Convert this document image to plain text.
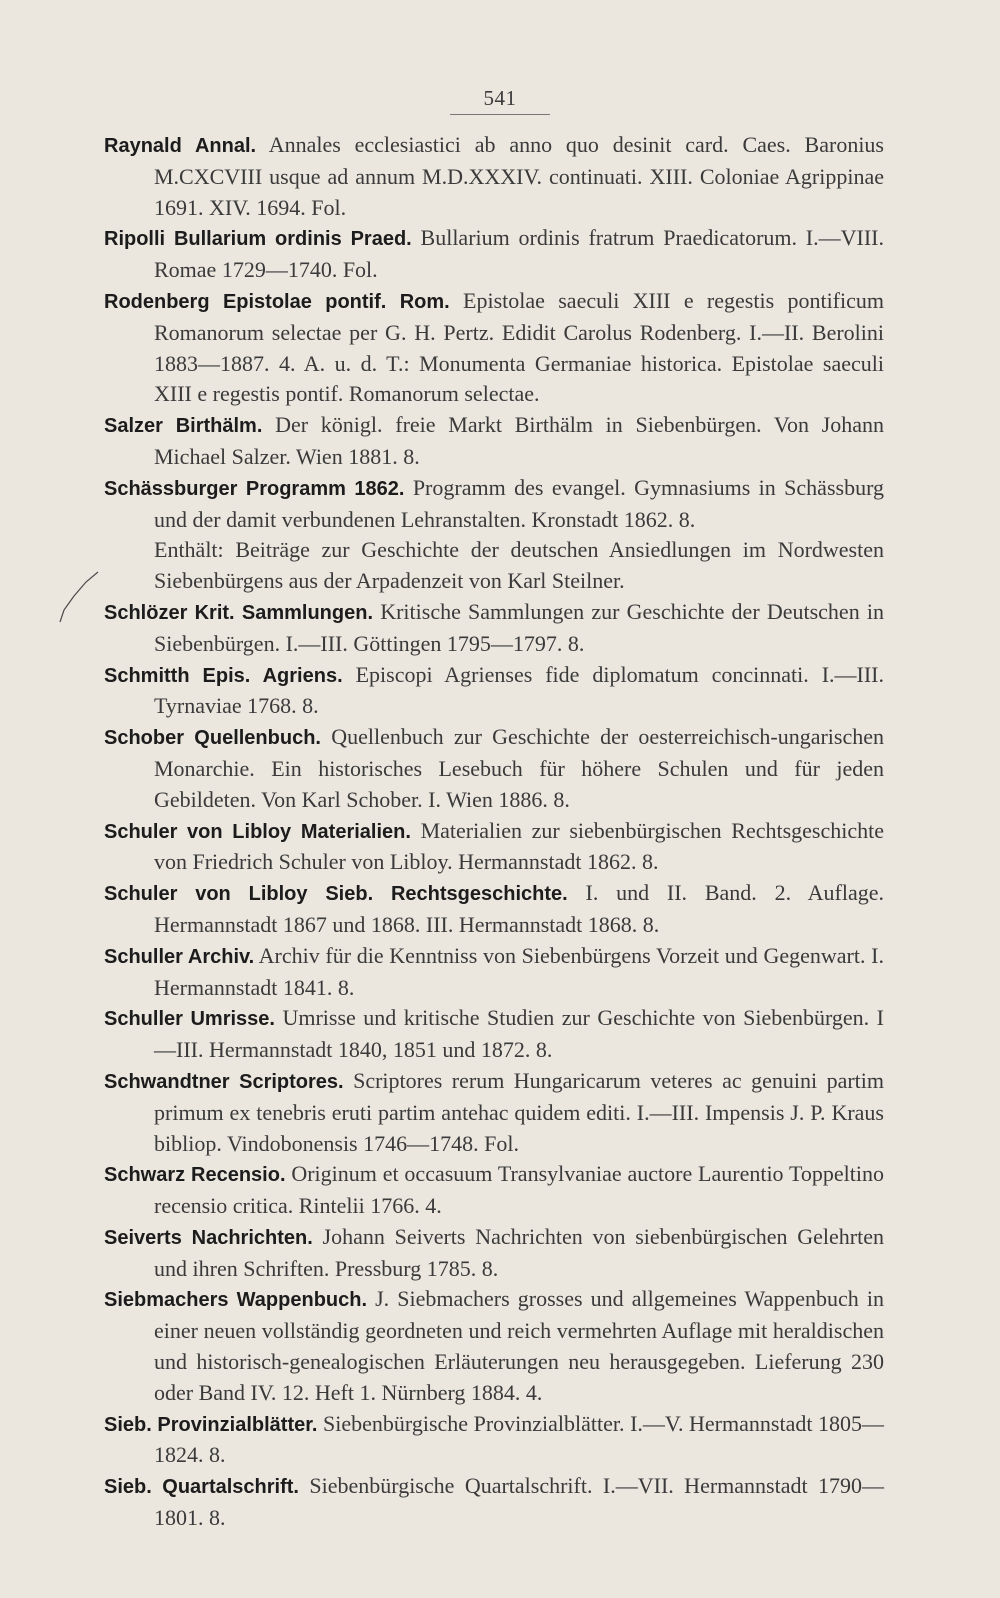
541

Raynald Annal. Annales ecclesiastici ab anno quo desinit card. Caes. Baronius M.CXCVIII usque ad annum M.D.XXXIV. continuati. XIII. Coloniae Agrippinae 1691. XIV. 1694. Fol.

Ripolli Bullarium ordinis Praed. Bullarium ordinis fratrum Praedicatorum. I.—VIII. Romae 1729—1740. Fol.

Rodenberg Epistolae pontif. Rom. Epistolae saeculi XIII e regestis pontificum Romanorum selectae per G. H. Pertz. Edidit Carolus Rodenberg. I.—II. Berolini 1883—1887. 4. A. u. d. T.: Monumenta Germaniae historica. Epistolae saeculi XIII e regestis pontif. Romanorum selectae.

Salzer Birthälm. Der königl. freie Markt Birthälm in Siebenbürgen. Von Johann Michael Salzer. Wien 1881. 8.

Schässburger Programm 1862. Programm des evangel. Gymnasiums in Schässburg und der damit verbundenen Lehranstalten. Kronstadt 1862. 8.
Enthält: Beiträge zur Geschichte der deutschen Ansiedlungen im Nordwesten Siebenbürgens aus der Arpadenzeit von Karl Steilner.

Schlözer Krit. Sammlungen. Kritische Sammlungen zur Geschichte der Deutschen in Siebenbürgen. I.—III. Göttingen 1795—1797. 8.

Schmitth Epis. Agriens. Episcopi Agrienses fide diplomatum concinnati. I.—III. Tyrnaviae 1768. 8.

Schober Quellenbuch. Quellenbuch zur Geschichte der oesterreichisch-ungarischen Monarchie. Ein historisches Lesebuch für höhere Schulen und für jeden Gebildeten. Von Karl Schober. I. Wien 1886. 8.

Schuler von Libloy Materialien. Materialien zur siebenbürgischen Rechtsgeschichte von Friedrich Schuler von Libloy. Hermannstadt 1862. 8.

Schuler von Libloy Sieb. Rechtsgeschichte. I. und II. Band. 2. Auflage. Hermannstadt 1867 und 1868. III. Hermannstadt 1868. 8.

Schuller Archiv. Archiv für die Kenntniss von Siebenbürgens Vorzeit und Gegenwart. I. Hermannstadt 1841. 8.

Schuller Umrisse. Umrisse und kritische Studien zur Geschichte von Siebenbürgen. I—III. Hermannstadt 1840, 1851 und 1872. 8.

Schwandtner Scriptores. Scriptores rerum Hungaricarum veteres ac genuini partim primum ex tenebris eruti partim antehac quidem editi. I.—III. Impensis J. P. Kraus bibliop. Vindobonensis 1746—1748. Fol.

Schwarz Recensio. Originum et occasuum Transylvaniae auctore Laurentio Toppeltino recensio critica. Rintelii 1766. 4.

Seiverts Nachrichten. Johann Seiverts Nachrichten von siebenbürgischen Gelehrten und ihren Schriften. Pressburg 1785. 8.

Siebmachers Wappenbuch. J. Siebmachers grosses und allgemeines Wappenbuch in einer neuen vollständig geordneten und reich vermehrten Auflage mit heraldischen und historisch-genealogischen Erläuterungen neu herausgegeben. Lieferung 230 oder Band IV. 12. Heft 1. Nürnberg 1884. 4.

Sieb. Provinzialblätter. Siebenbürgische Provinzialblätter. I.—V. Hermannstadt 1805—1824. 8.

Sieb. Quartalschrift. Siebenbürgische Quartalschrift. I.—VII. Hermannstadt 1790—1801. 8.
